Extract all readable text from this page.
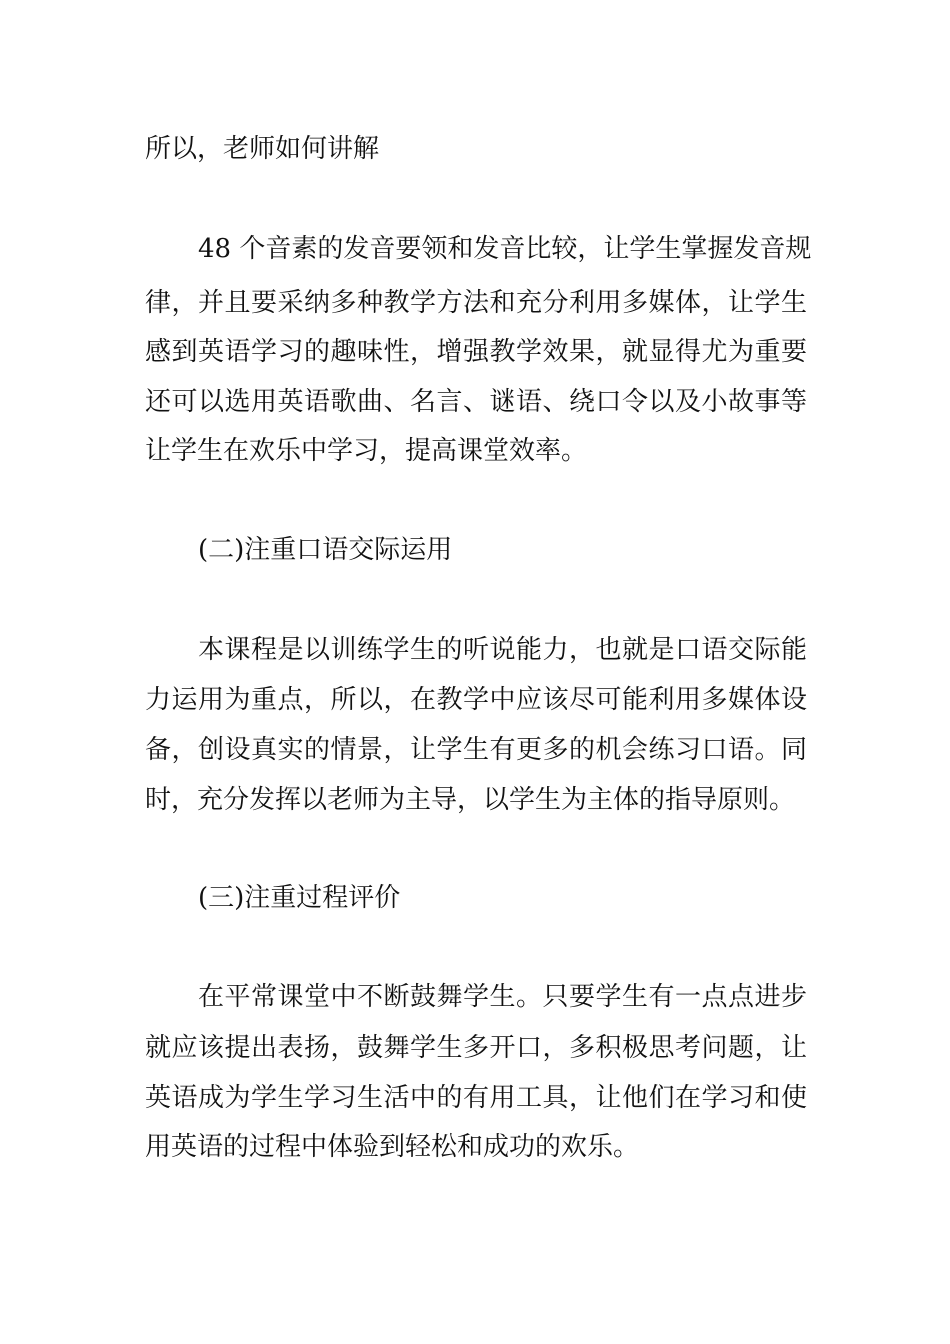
所以，老师如何讲解

48 个音素的发音要领和发音比较，让学生掌握发音规

律，并且要采纳多种教学方法和充分利用多媒体，让学生

感到英语学习的趣味性，增强教学效果，就显得尤为重要

还可以选用英语歌曲、名言、谜语、绕口令以及小故事等

让学生在欢乐中学习，提高课堂效率。

(二)注重口语交际运用

本课程是以训练学生的听说能力，也就是口语交际能

力运用为重点，所以，在教学中应该尽可能利用多媒体设

备，创设真实的情景，让学生有更多的机会练习口语。同

时，充分发挥以老师为主导，以学生为主体的指导原则。

(三)注重过程评价

在平常课堂中不断鼓舞学生。只要学生有一点点进步

就应该提出表扬，鼓舞学生多开口，多积极思考问题，让

英语成为学生学习生活中的有用工具，让他们在学习和使

用英语的过程中体验到轻松和成功的欢乐。
